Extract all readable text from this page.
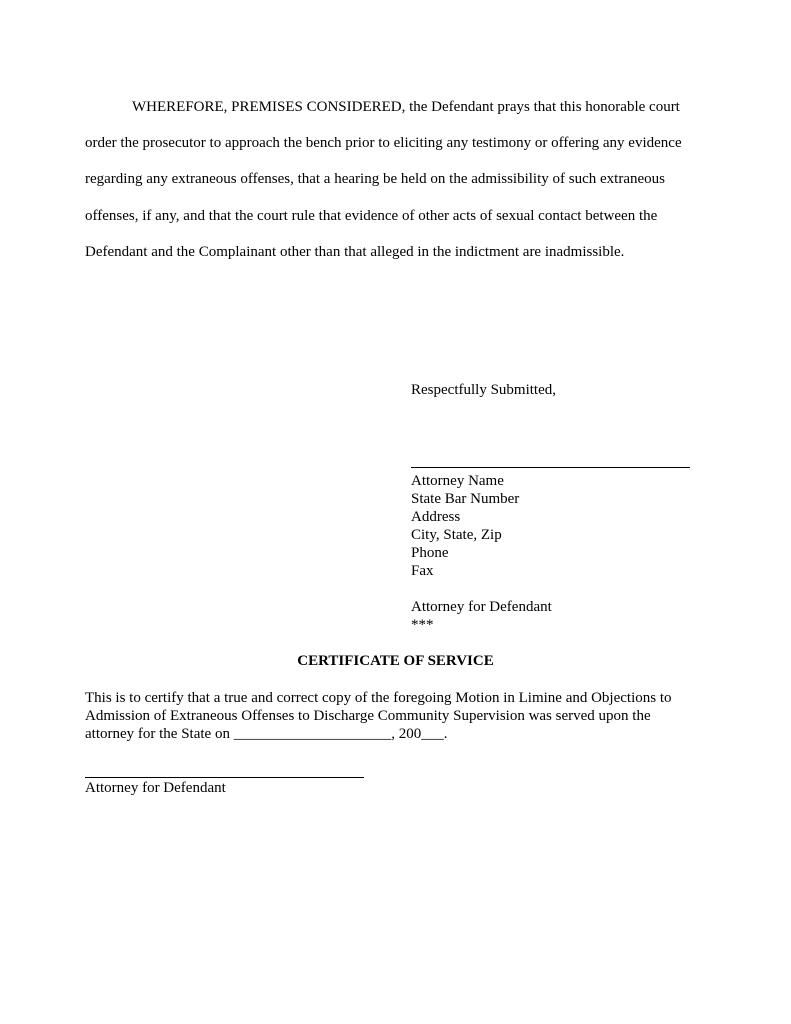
WHEREFORE, PREMISES CONSIDERED, the Defendant prays that this honorable court order the prosecutor to approach the bench prior to eliciting any testimony or offering any evidence regarding any extraneous offenses, that a hearing be held on the admissibility of such extraneous offenses, if any, and that the court rule that evidence of other acts of sexual contact between the Defendant and the Complainant other than that alleged in the indictment are inadmissible.

Respectfully Submitted,

Attorney Name
State Bar Number
Address
City, State, Zip
Phone
Fax
Attorney for Defendant
***

CERTIFICATE OF SERVICE

This is to certify that a true and correct copy of the foregoing Motion in Limine and Objections to
Admission of Extraneous Offenses to Discharge Community Supervision was served upon the
attorney for the State on _____________________, 200___.

Attorney for Defendant
